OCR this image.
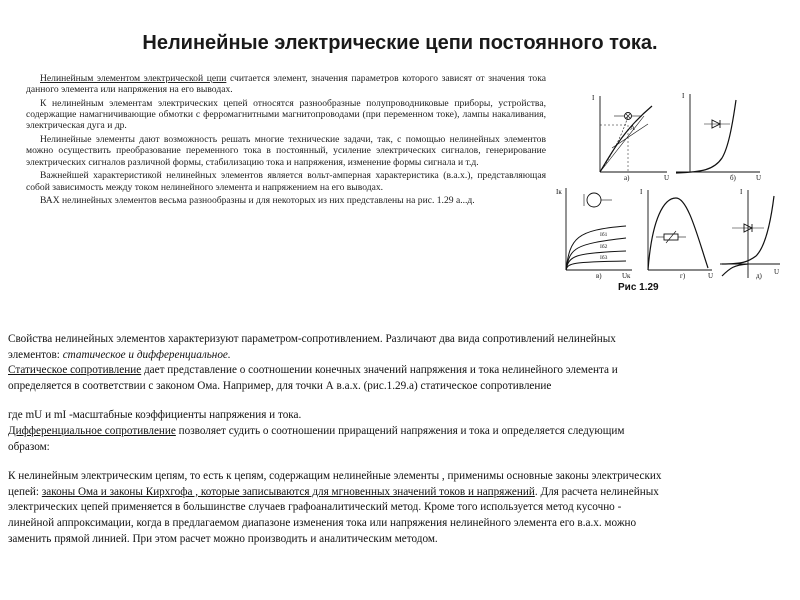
Нелинейные электрические цепи постоянного тока.

Нелинейным элементом электрической цепи считается элемент, значения параметров которого зависят от значения тока данного элемента или напряжения на его выводах.

К нелинейным элементам электрических цепей относятся разнообразные полупроводниковые приборы, устройства, содержащие намагничивающие обмотки с ферромагнитными магнитопроводами (при переменном токе), лампы накаливания, электрическая дуга и др.

Нелинейные элементы дают возможность решать многие технические задачи, так, с помощью нелинейных элементов можно осуществить преобразование переменного тока в постоянный, усиление электрических сигналов, генерирование электрических сигналов различной формы, стабилизацию тока и напряжения, изменение формы сигнала и т.д.

Важнейшей характеристикой нелинейных элементов является вольт-амперная характеристика (в.а.х.), представляющая собой зависимость между током нелинейного элемента и напряжением на его выводах.

ВАХ нелинейных элементов весьма разнообразны и для некоторых из них представлены на рис. 1.29 а...д.

I
U
A
а)
I
U
б)
Iк
Uк
Iб1
Iб2
Iб3
в)
I
U
г)
I
U
д)
Рис 1.29

Свойства нелинейных элементов характеризуют параметром-сопротивлением. Различают два вида сопротивлений нелинейных

элементов: статическое и дифференциальное.

Статическое сопротивление дает представление о соотношении конечных значений напряжения и тока нелинейного элемента и

определяется в соответствии с законом Ома. Например, для точки А в.а.х. (рис.1.29.а) статическое сопротивление

где mU и mI -масштабные коэффициенты напряжения и тока.

Дифференциальное сопротивление позволяет судить о соотношении приращений напряжения и тока и определяется следующим

образом:

К нелинейным электрическим цепям, то есть к цепям, содержащим нелинейные элементы , применимы основные законы электрических

цепей: законы Ома и законы Кирхгофа , которые записываются для мгновенных значений токов и напряжений. Для расчета нелинейных

электрических цепей применяется в большинстве случаев графоаналитический метод. Кроме того используется метод кусочно -

линейной аппроксимации, когда в предлагаемом диапазоне изменения тока или напряжения нелинейного элемента его в.а.х. можно

заменить прямой линией. При этом расчет можно производить и аналитическим методом.
